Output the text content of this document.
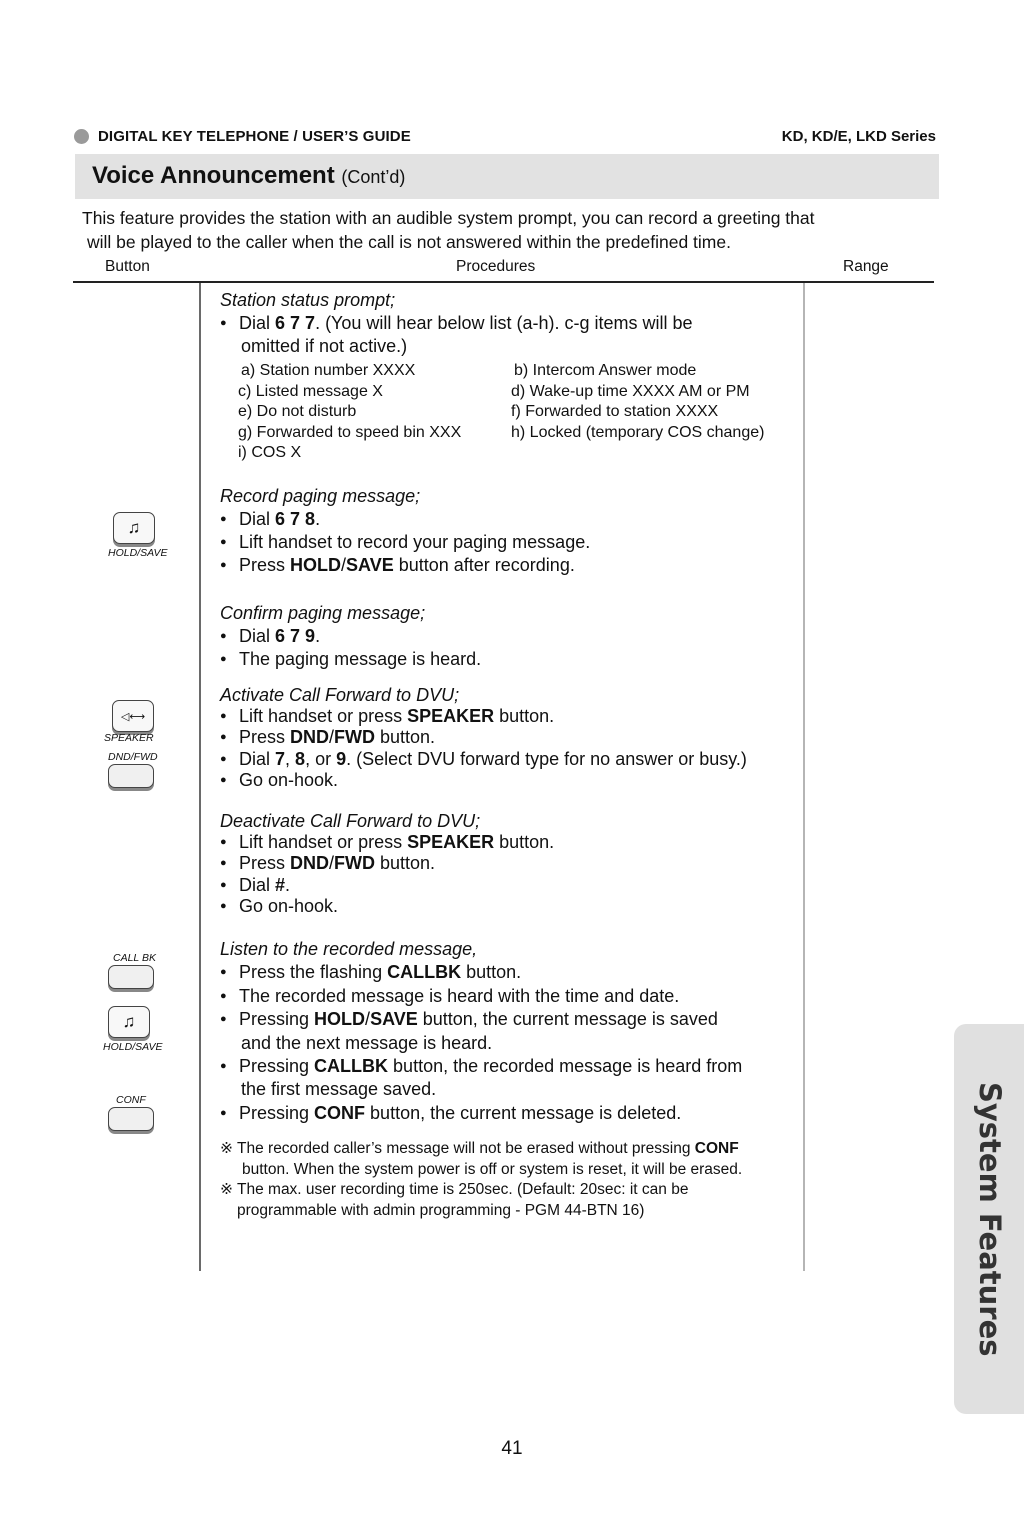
DIGITAL KEY TELEPHONE / USER’S GUIDE	KD, KD/E, LKD Series
Voice Announcement (Cont’d)
This feature provides the station with an audible system prompt, you can record a greeting that
will be played to the caller when the call is not answered within the predefined time.
Button	Procedures	Range
Station status prompt;
● Dial 6 7 7. (You will hear below list (a-h). c-g items will be
omitted if not active.)
a) Station number XXXX	b) Intercom Answer mode
c) Listed message X	d) Wake-up time XXXX AM or PM
e) Do not disturb	f) Forwarded to station XXXX
g) Forwarded to speed bin XXX	h) Locked (temporary COS change)
i) COS X
Record paging message;
● Dial 6 7 8.
● Lift handset to record your paging message.
● Press HOLD/SAVE button after recording.
Confirm paging message;
● Dial 6 7 9.
● The paging message is heard.
Activate Call Forward to DVU;
● Lift handset or press SPEAKER button.
● Press DND/FWD button.
● Dial 7, 8, or 9. (Select DVU forward type for no answer or busy.)
● Go on-hook.
Deactivate Call Forward to DVU;
● Lift handset or press SPEAKER button.
● Press DND/FWD button.
● Dial #.
● Go on-hook.
Listen to the recorded message,
● Press the flashing CALLBK button.
● The recorded message is heard with the time and date.
● Pressing HOLD/SAVE button, the current message is saved
and the next message is heard.
● Pressing CALLBK button, the recorded message is heard from
the first message saved.
● Pressing CONF button, the current message is deleted.
※ The recorded caller’s message will not be erased without pressing CONF
button. When the system power is off or system is reset, it will be erased.
※ The max. user recording time is 250sec. (Default: 20sec: it can be
programmable with admin programming - PGM 44-BTN 16)
♫
HOLD/SAVE
◁⟷
SPEAKER
DND/FWD
CALL BK
♫
HOLD/SAVE
CONF	System Features
41
